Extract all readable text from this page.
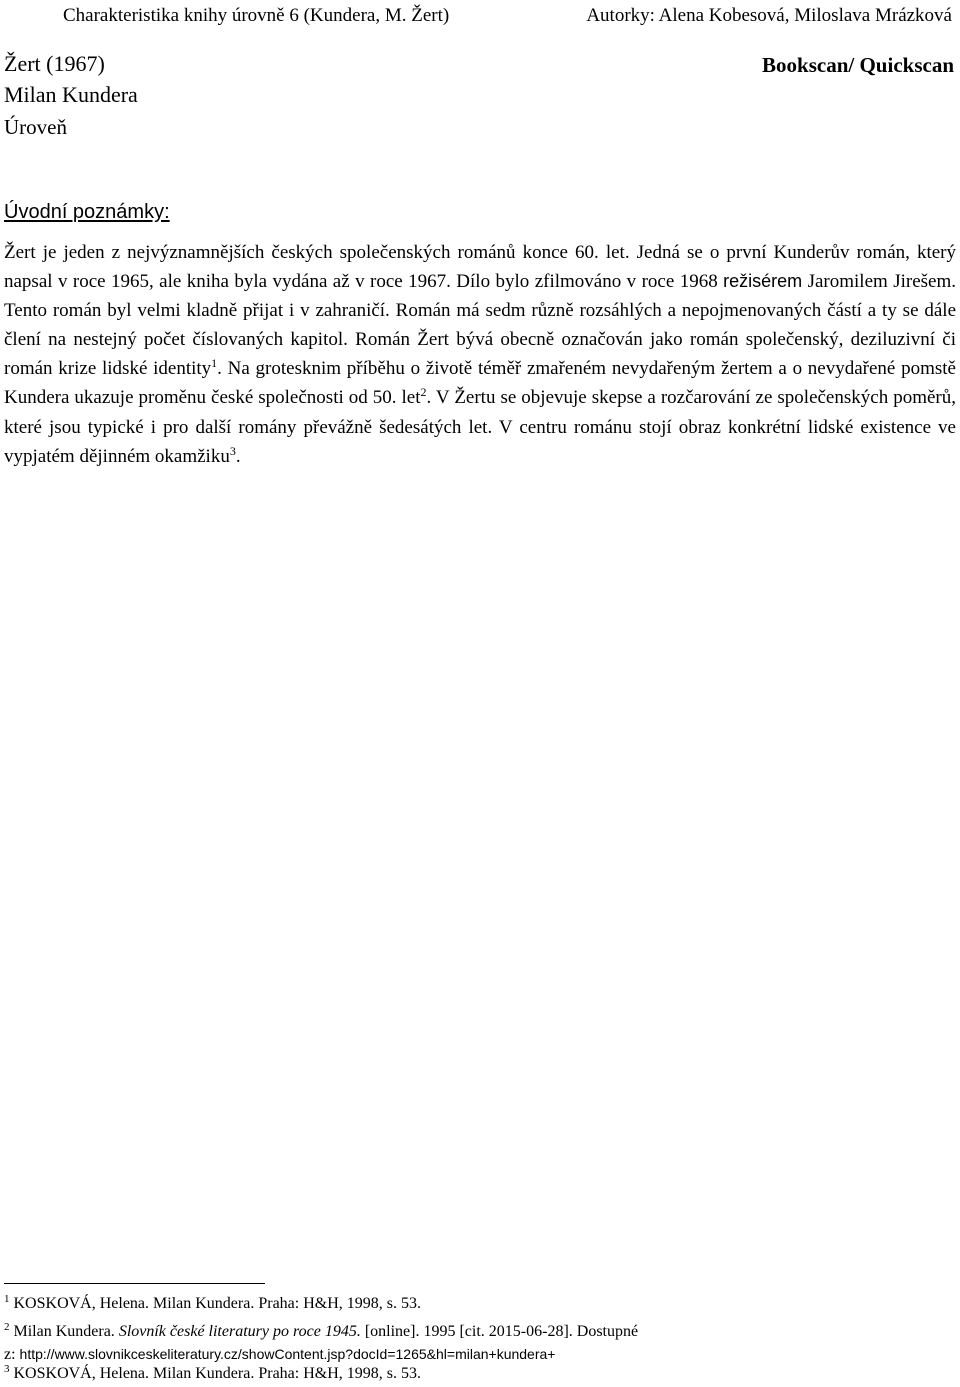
Charakteristika knihy úrovně 6 (Kundera, M. Žert)	Autorky: Alena Kobesová, Miloslava Mrázková
Žert (1967)
Milan Kundera
Úroveň
Bookscan/ Quickscan
Úvodní poznámky:

Žert je jeden z nejvýznamnějších českých společenských románů konce 60. let. Jedná se o první Kunderův román, který napsal v roce 1965, ale kniha byla vydána až v roce 1967. Dílo bylo zfilmováno v roce 1968 režisérem Jaromilem Jirešem. Tento román byl velmi kladně přijat i v zahraničí. Román má sedm různě rozsáhlých a nepojmenovaných částí a ty se dále člení na nestejný počet číslovaných kapitol. Román Žert bývá obecně označován jako román společenský, deziluzivní či román krize lidské identity$^1$. Na grotesknim příběhu o životě téměř zmařeném nevydařeným žertem a o nevydařené pomstě Kundera ukazuje proměnu české společnosti od 50. let$^2$. V Žertu se objevuje skepse a rozčarování ze společenských poměrů, které jsou typické i pro další romány převážně šedesátých let. V centru románu stojí obraz konkrétní lidské existence ve vypjatém dějinném okamžiku$^3$.

$^1$ KOSKOVÁ, Helena. Milan Kundera. Praha: H&H, 1998, s. 53.
$^2$ Milan Kundera. Slovník české literatury po roce 1945. [online]. 1995 [cit. 2015-06-28]. Dostupné
z: http://www.slovnikceskeliteratury.cz/showContent.jsp?docId=1265&hl=milan+kundera+
$^3$ KOSKOVÁ, Helena. Milan Kundera. Praha: H&H, 1998, s. 53.
